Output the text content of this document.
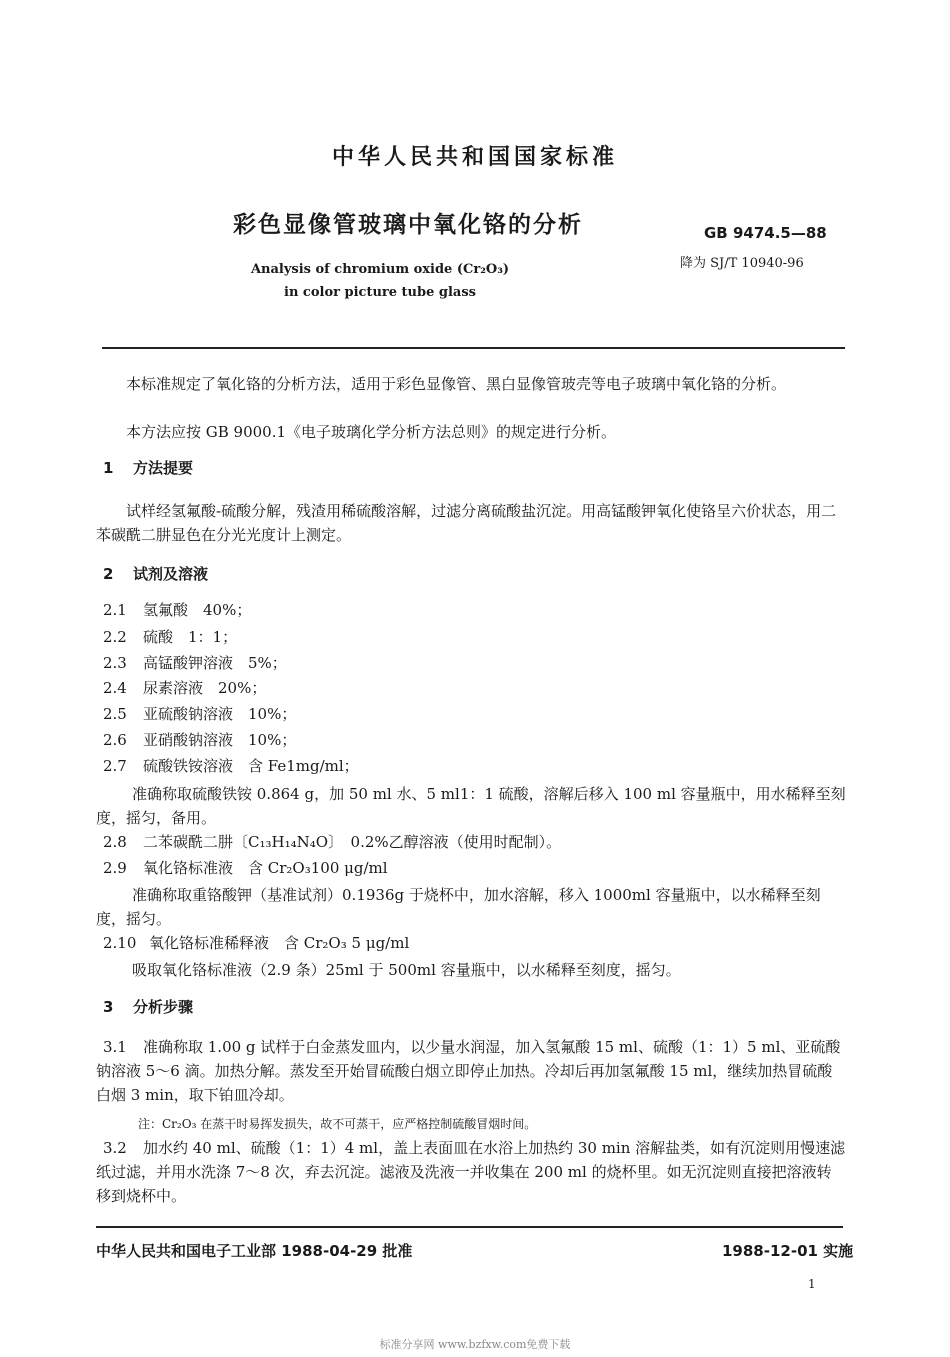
中华人民共和国国家标准
彩色显像管玻璃中氧化铬的分析	GB 9474.5—88
降为 SJ/T 10940-96
Analysis of chromium oxide (Cr₂O₃)
in color picture tube glass
本标准规定了氧化铬的分析方法，适用于彩色显像管、黑白显像管玻壳等电子玻璃中氧化铬的分析。
本方法应按 GB 9000.1《电子玻璃化学分析方法总则》的规定进行分析。
1 方法提要
试样经氢氟酸-硫酸分解，残渣用稀硫酸溶解，过滤分离硫酸盐沉淀。用高锰酸钾氧化使铬呈六价状态，用二苯碳酰二肼显色在分光光度计上测定。
2 试剂及溶液
2.1 氢氟酸　40%；
2.2 硫酸　1：1；
2.3 高锰酸钾溶液　5%；
2.4 尿素溶液　20%；
2.5 亚硫酸钠溶液　10%；
2.6 亚硝酸钠溶液　10%；
2.7 硫酸铁铵溶液　含 Fe1mg/ml；
准确称取硫酸铁铵 0.864 g，加 50 ml 水、5 ml1：1 硫酸，溶解后移入 100 ml 容量瓶中，用水稀释至刻度，摇匀，备用。
2.8 二苯碳酰二肼〔C₁₃H₁₄N₄O〕　0.2%乙醇溶液（使用时配制）。
2.9 氧化铬标准液　含 Cr₂O₃100 μg/ml
准确称取重铬酸钾（基准试剂）0.1936g 于烧杯中，加水溶解，移入 1000ml 容量瓶中，以水稀释至刻度，摇匀。
2.10 氧化铬标准稀释液　含 Cr₂O₃ 5 μg/ml
吸取氧化铬标准液（2.9 条）25ml 于 500ml 容量瓶中，以水稀释至刻度，摇匀。
3 分析步骤
3.1 准确称取 1.00 g 试样于白金蒸发皿内，以少量水润湿，加入氢氟酸 15 ml、硫酸（1：1）5 ml、亚硫酸钠溶液 5～6 滴。加热分解。蒸发至开始冒硫酸白烟立即停止加热。冷却后再加氢氟酸 15 ml，继续加热冒硫酸白烟 3 min，取下铂皿冷却。
注：Cr₂O₃ 在蒸干时易挥发损失，故不可蒸干，应严格控制硫酸冒烟时间。
3.2 加水约 40 ml、硫酸（1：1）4 ml，盖上表面皿在水浴上加热约 30 min 溶解盐类，如有沉淀则用慢速滤纸过滤，并用水洗涤 7～8 次，弃去沉淀。滤液及洗液一并收集在 200 ml 的烧杯里。如无沉淀则直接把溶液转移到烧杯中。
中华人民共和国电子工业部 1988-04-29 批准	1988-12-01 实施
1
标准分享网 www.bzfxw.com免费下载
